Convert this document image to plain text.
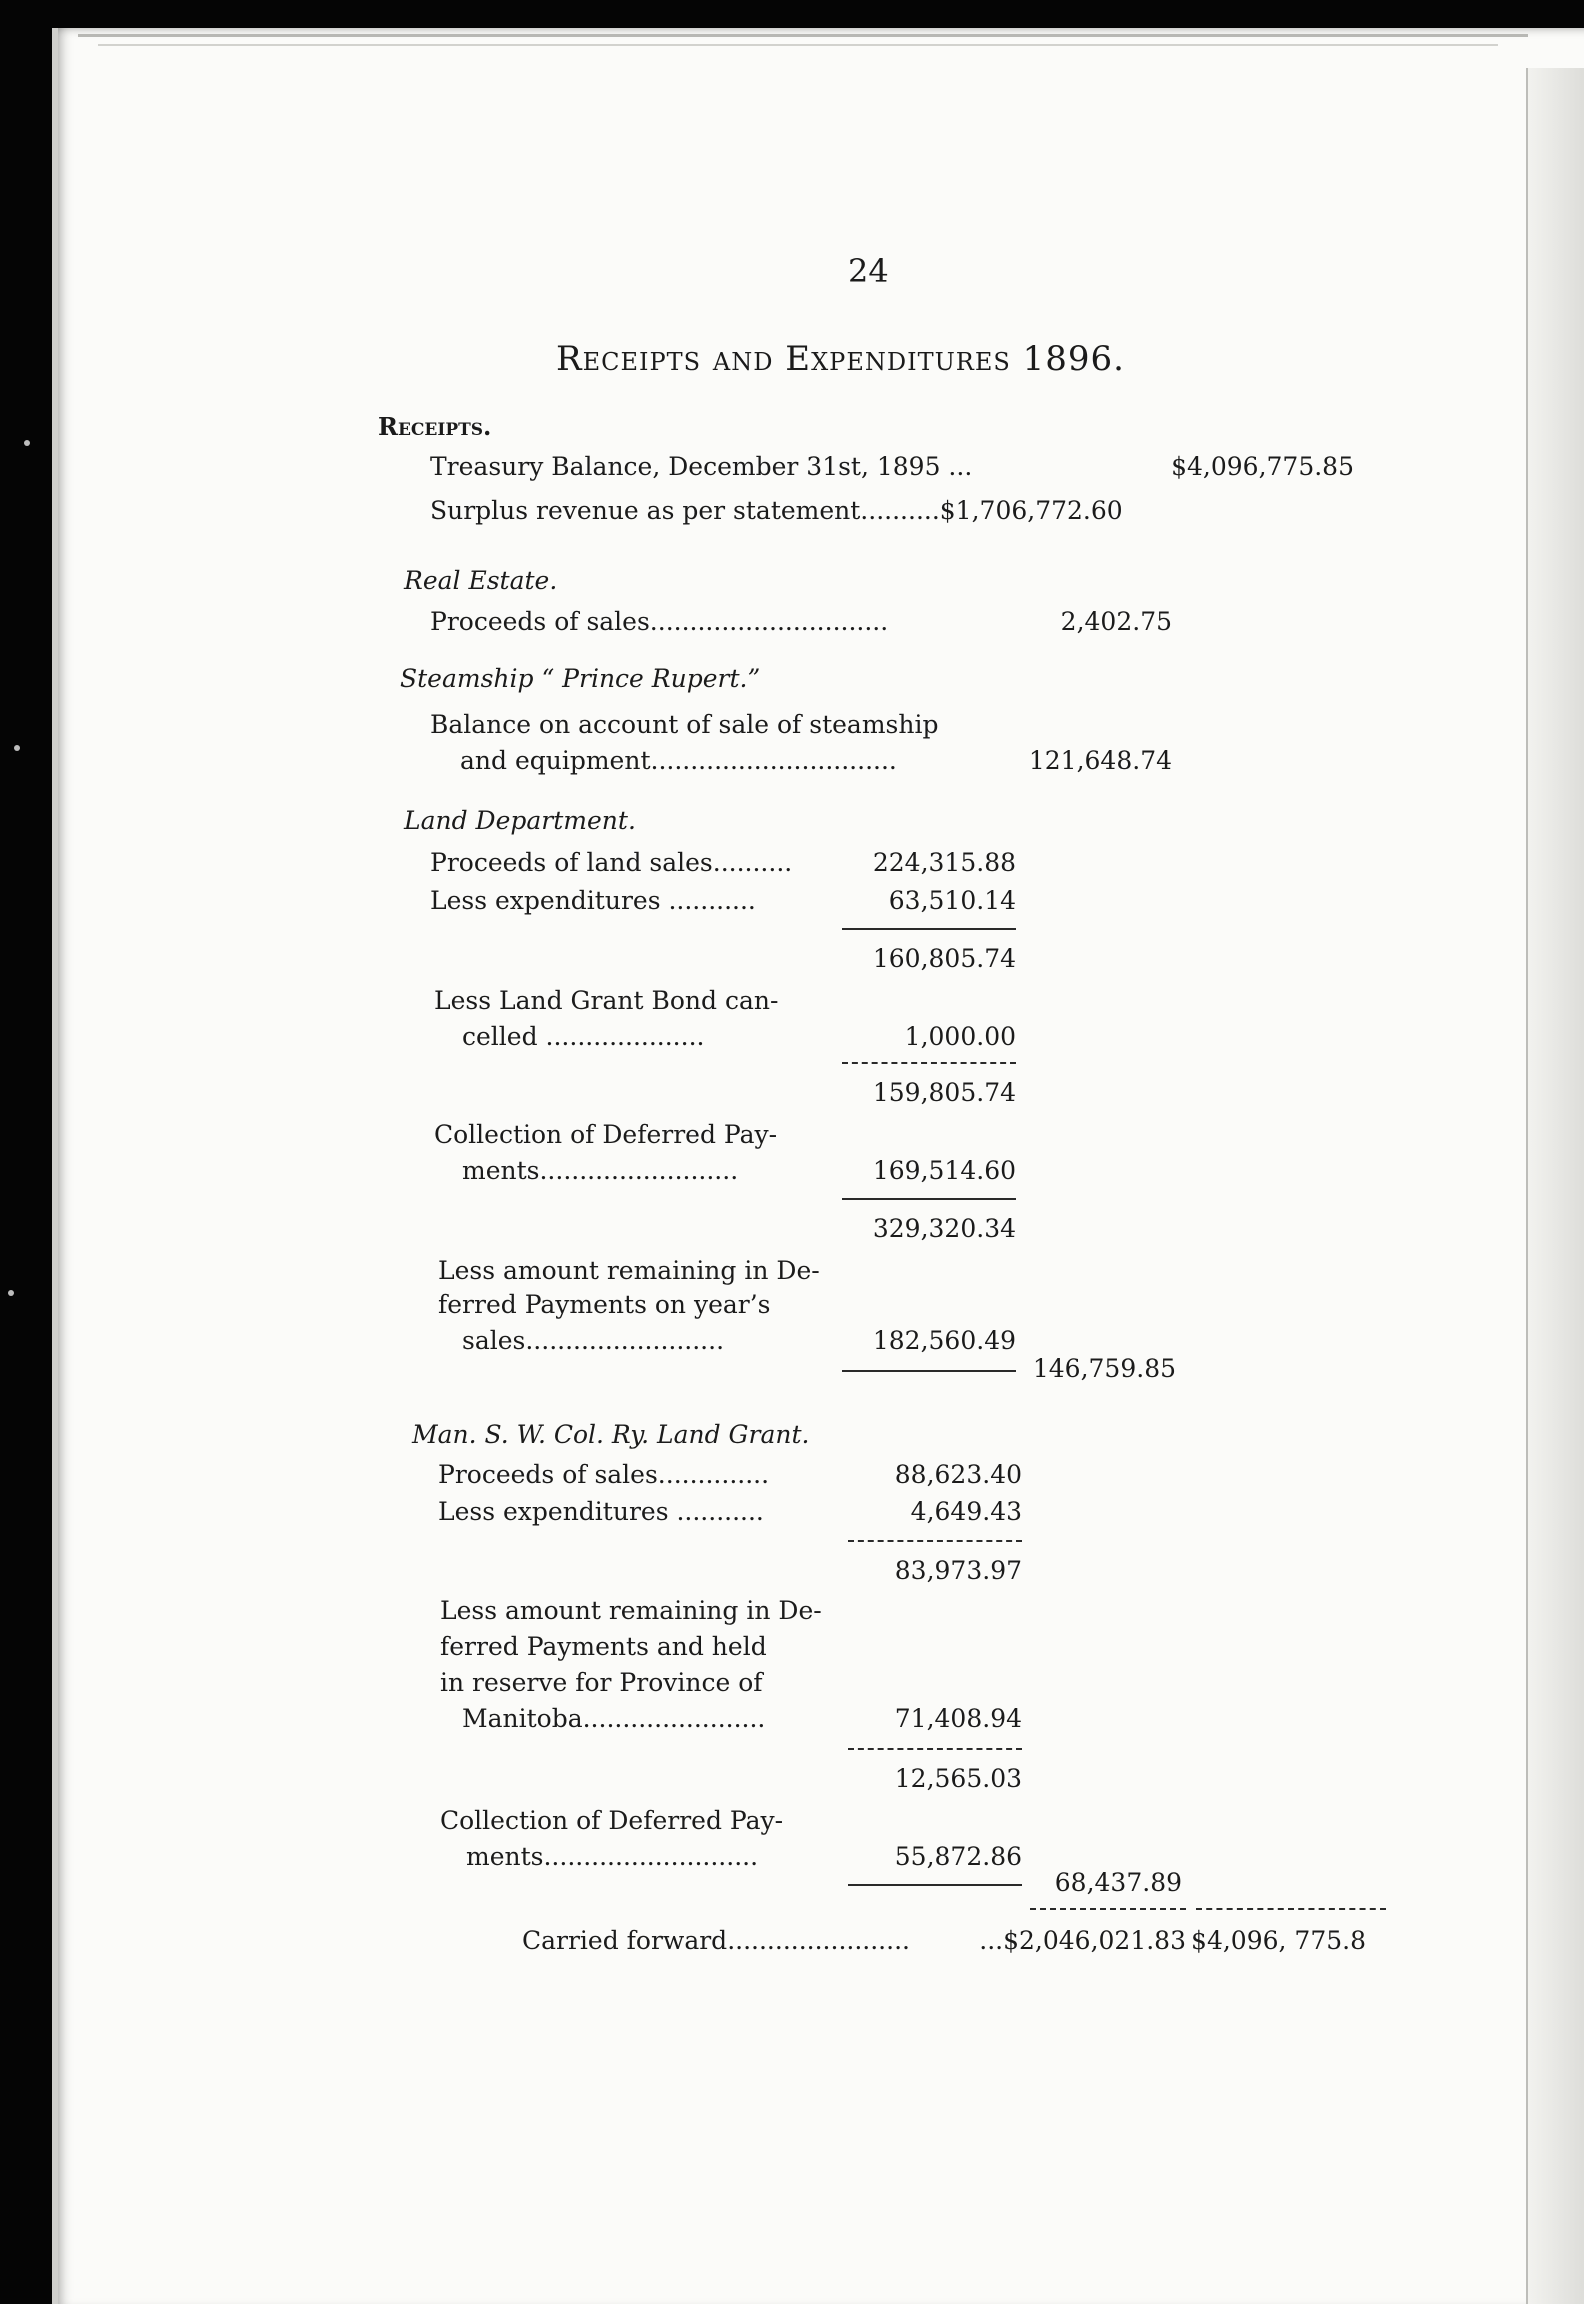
24
Receipts and Expenditures 1896.
Receipts.
Treasury Balance, December 31st, 1895 ...	$4,096,775.85
Surplus revenue as per statement..........$1,706,772.60
Real Estate.
Proceeds of sales..............................	2,402.75
Steamship “ Prince Rupert.”
Balance on account of sale of steamship
and equipment...............................	121,648.74
Land Department.
Proceeds of land sales..........	224,315.88
Less expenditures ...........	63,510.14
160,805.74
Less Land Grant Bond can-
celled ....................	1,000.00
159,805.74
Collection of Deferred Pay-
ments.........................	169,514.60
329,320.34
Less amount remaining in De-
ferred Payments on year’s
sales.........................	182,560.49
146,759.85
Man. S. W. Col. Ry. Land Grant.
Proceeds of sales..............	88,623.40
Less expenditures ...........	4,649.43
83,973.97
Less amount remaining in De-
ferred Payments and held
in reserve for Province of
Manitoba.......................	71,408.94
12,565.03
Collection of Deferred Pay-
ments...........................	55,872.86
68,437.89
Carried forward.......................	...$2,046,021.83 $4,096, 775.8
